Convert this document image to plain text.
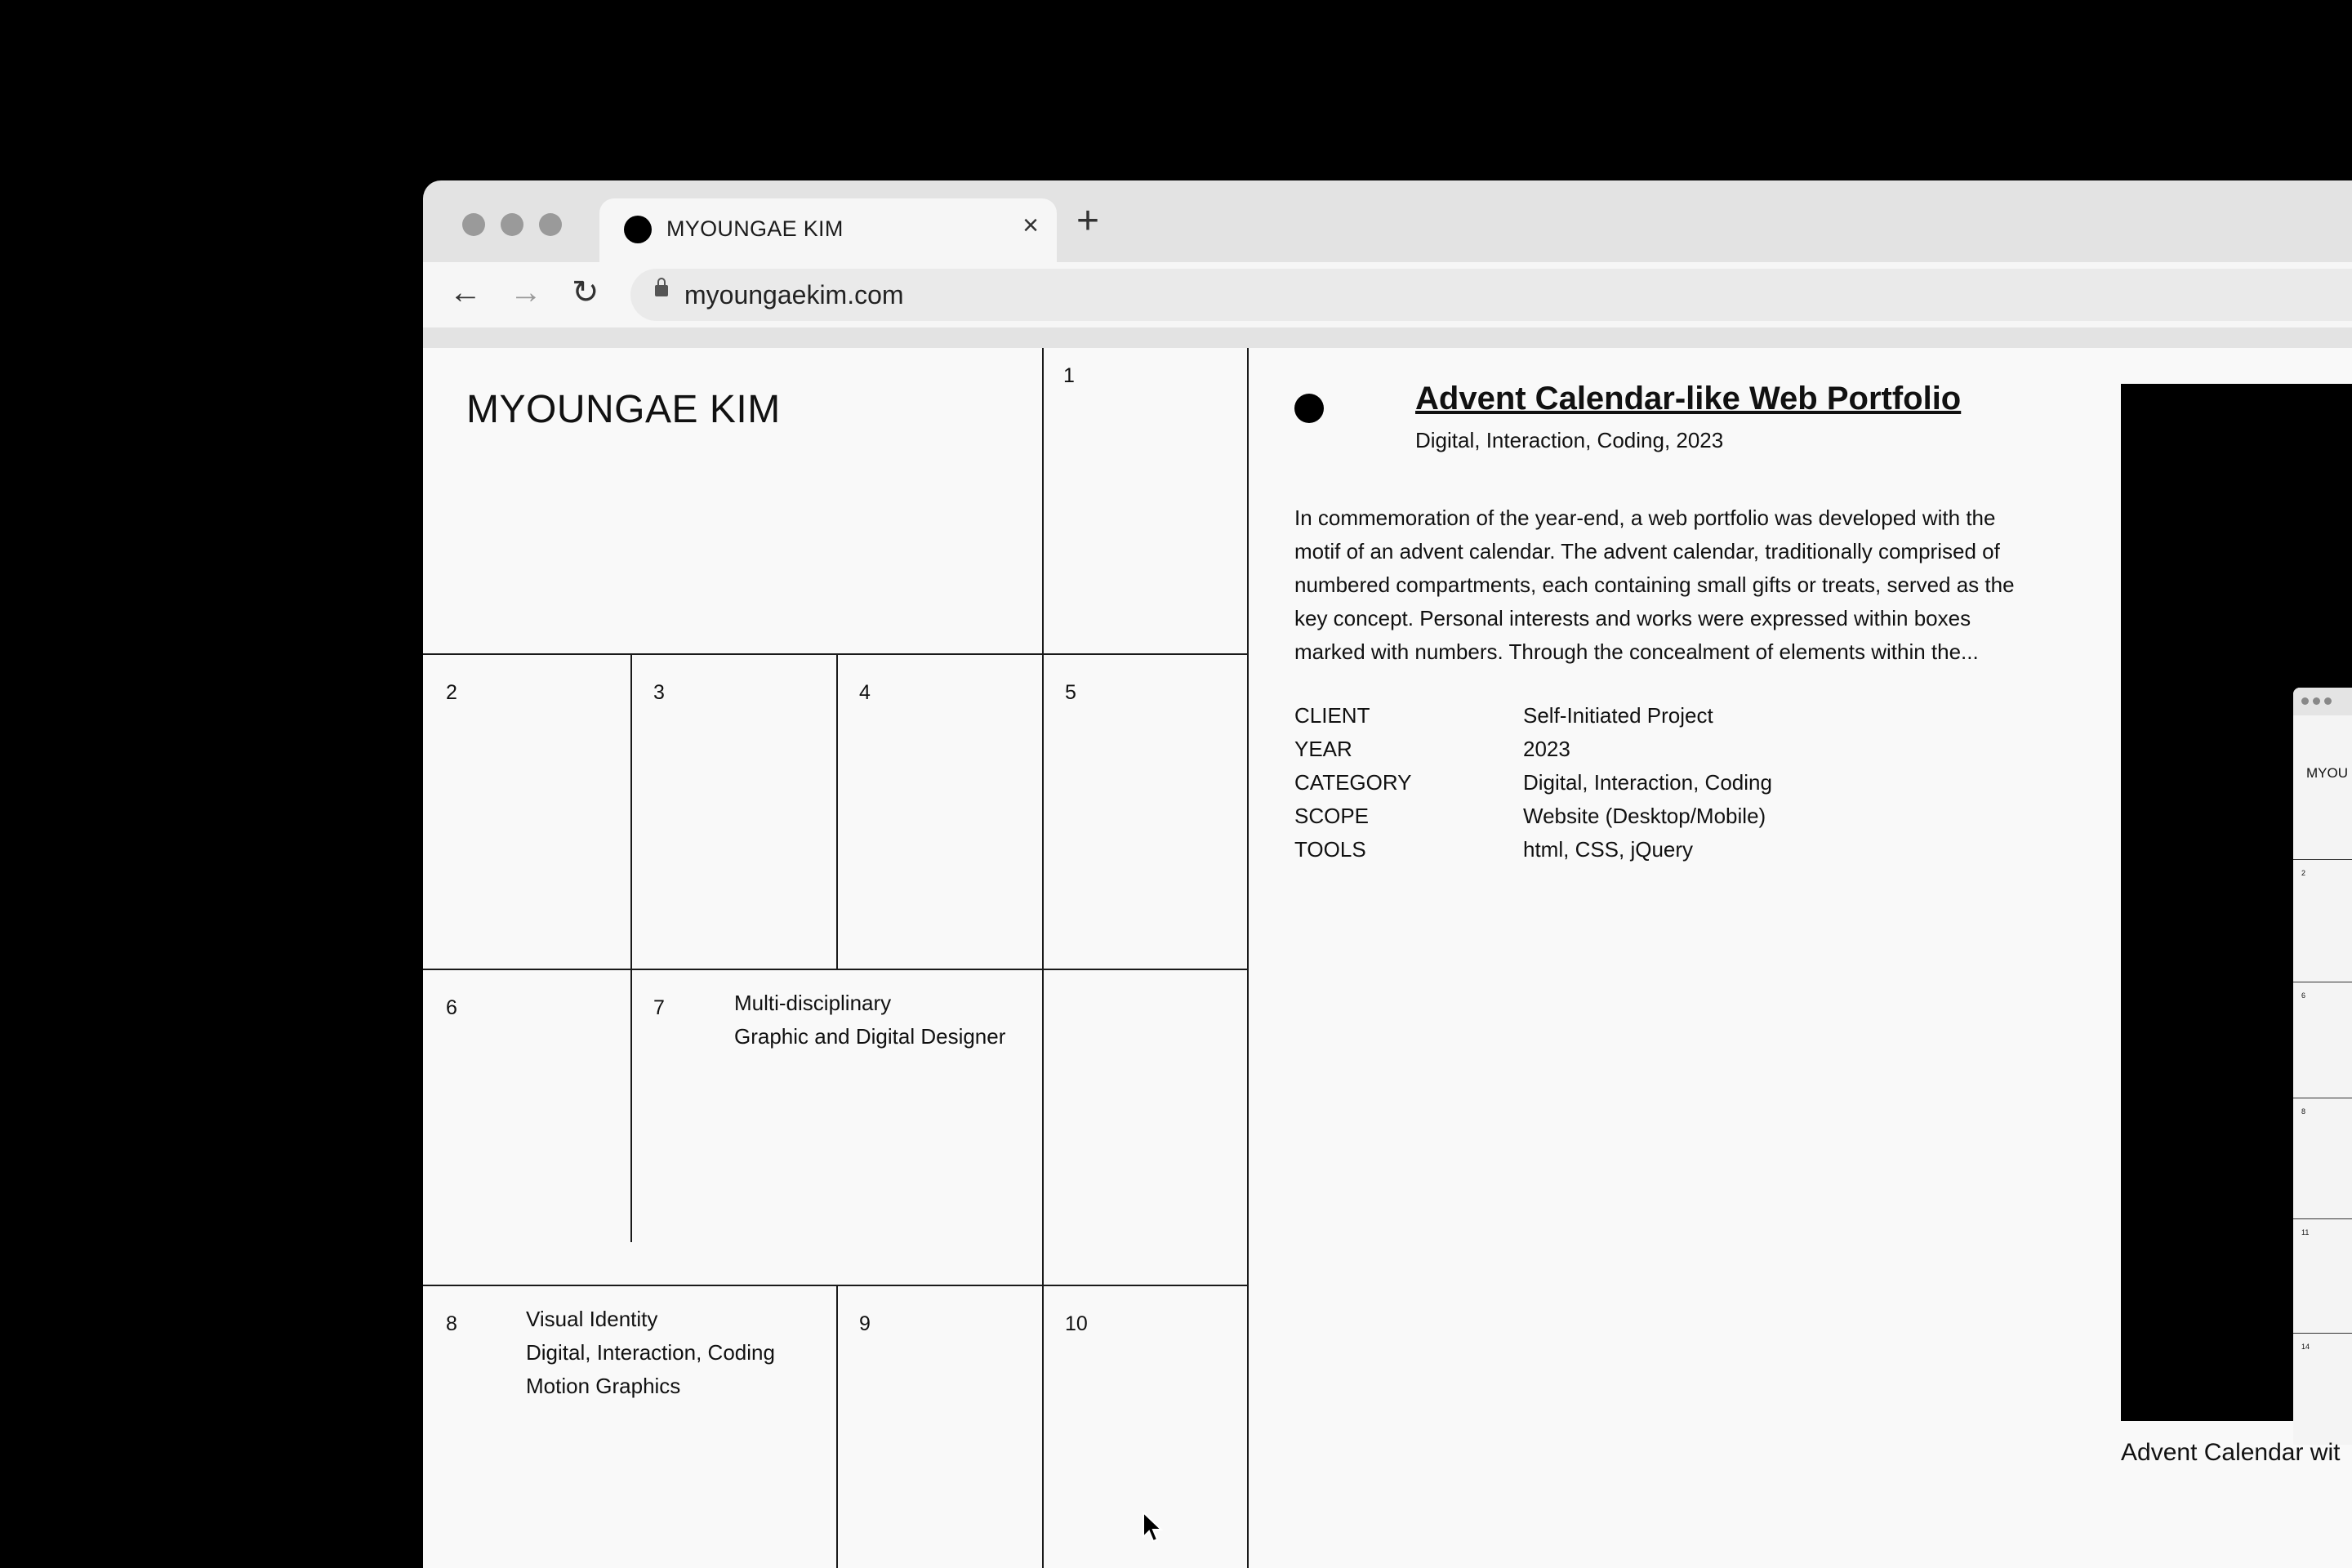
MYOUNGAE KIM	× +
← → ↻	myoungaekim.com
MYOUNGAE KIM
1
2	3	4	5
6	7	Multi-disciplinary
Graphic and Digital Designer
8	Visual Identity
Digital, Interaction, Coding
Motion Graphics
9	10
Advent Calendar-like Web Portfolio
Digital, Interaction, Coding, 2023
In commemoration of the year-end, a web portfolio was developed with the motif of an advent calendar. The advent calendar, traditionally comprised of numbered compartments, each containing small gifts or treats, served as the key concept. Personal interests and works were expressed within boxes marked with numbers. Through the concealment of elements within the...
CLIENT	Self-Initiated Project
YEAR	2023
CATEGORY	Digital, Interaction, Coding
SCOPE	Website (Desktop/Mobile)
TOOLS	html, CSS, jQuery
MYOU
2
6
8
11
14
Advent Calendar wit
